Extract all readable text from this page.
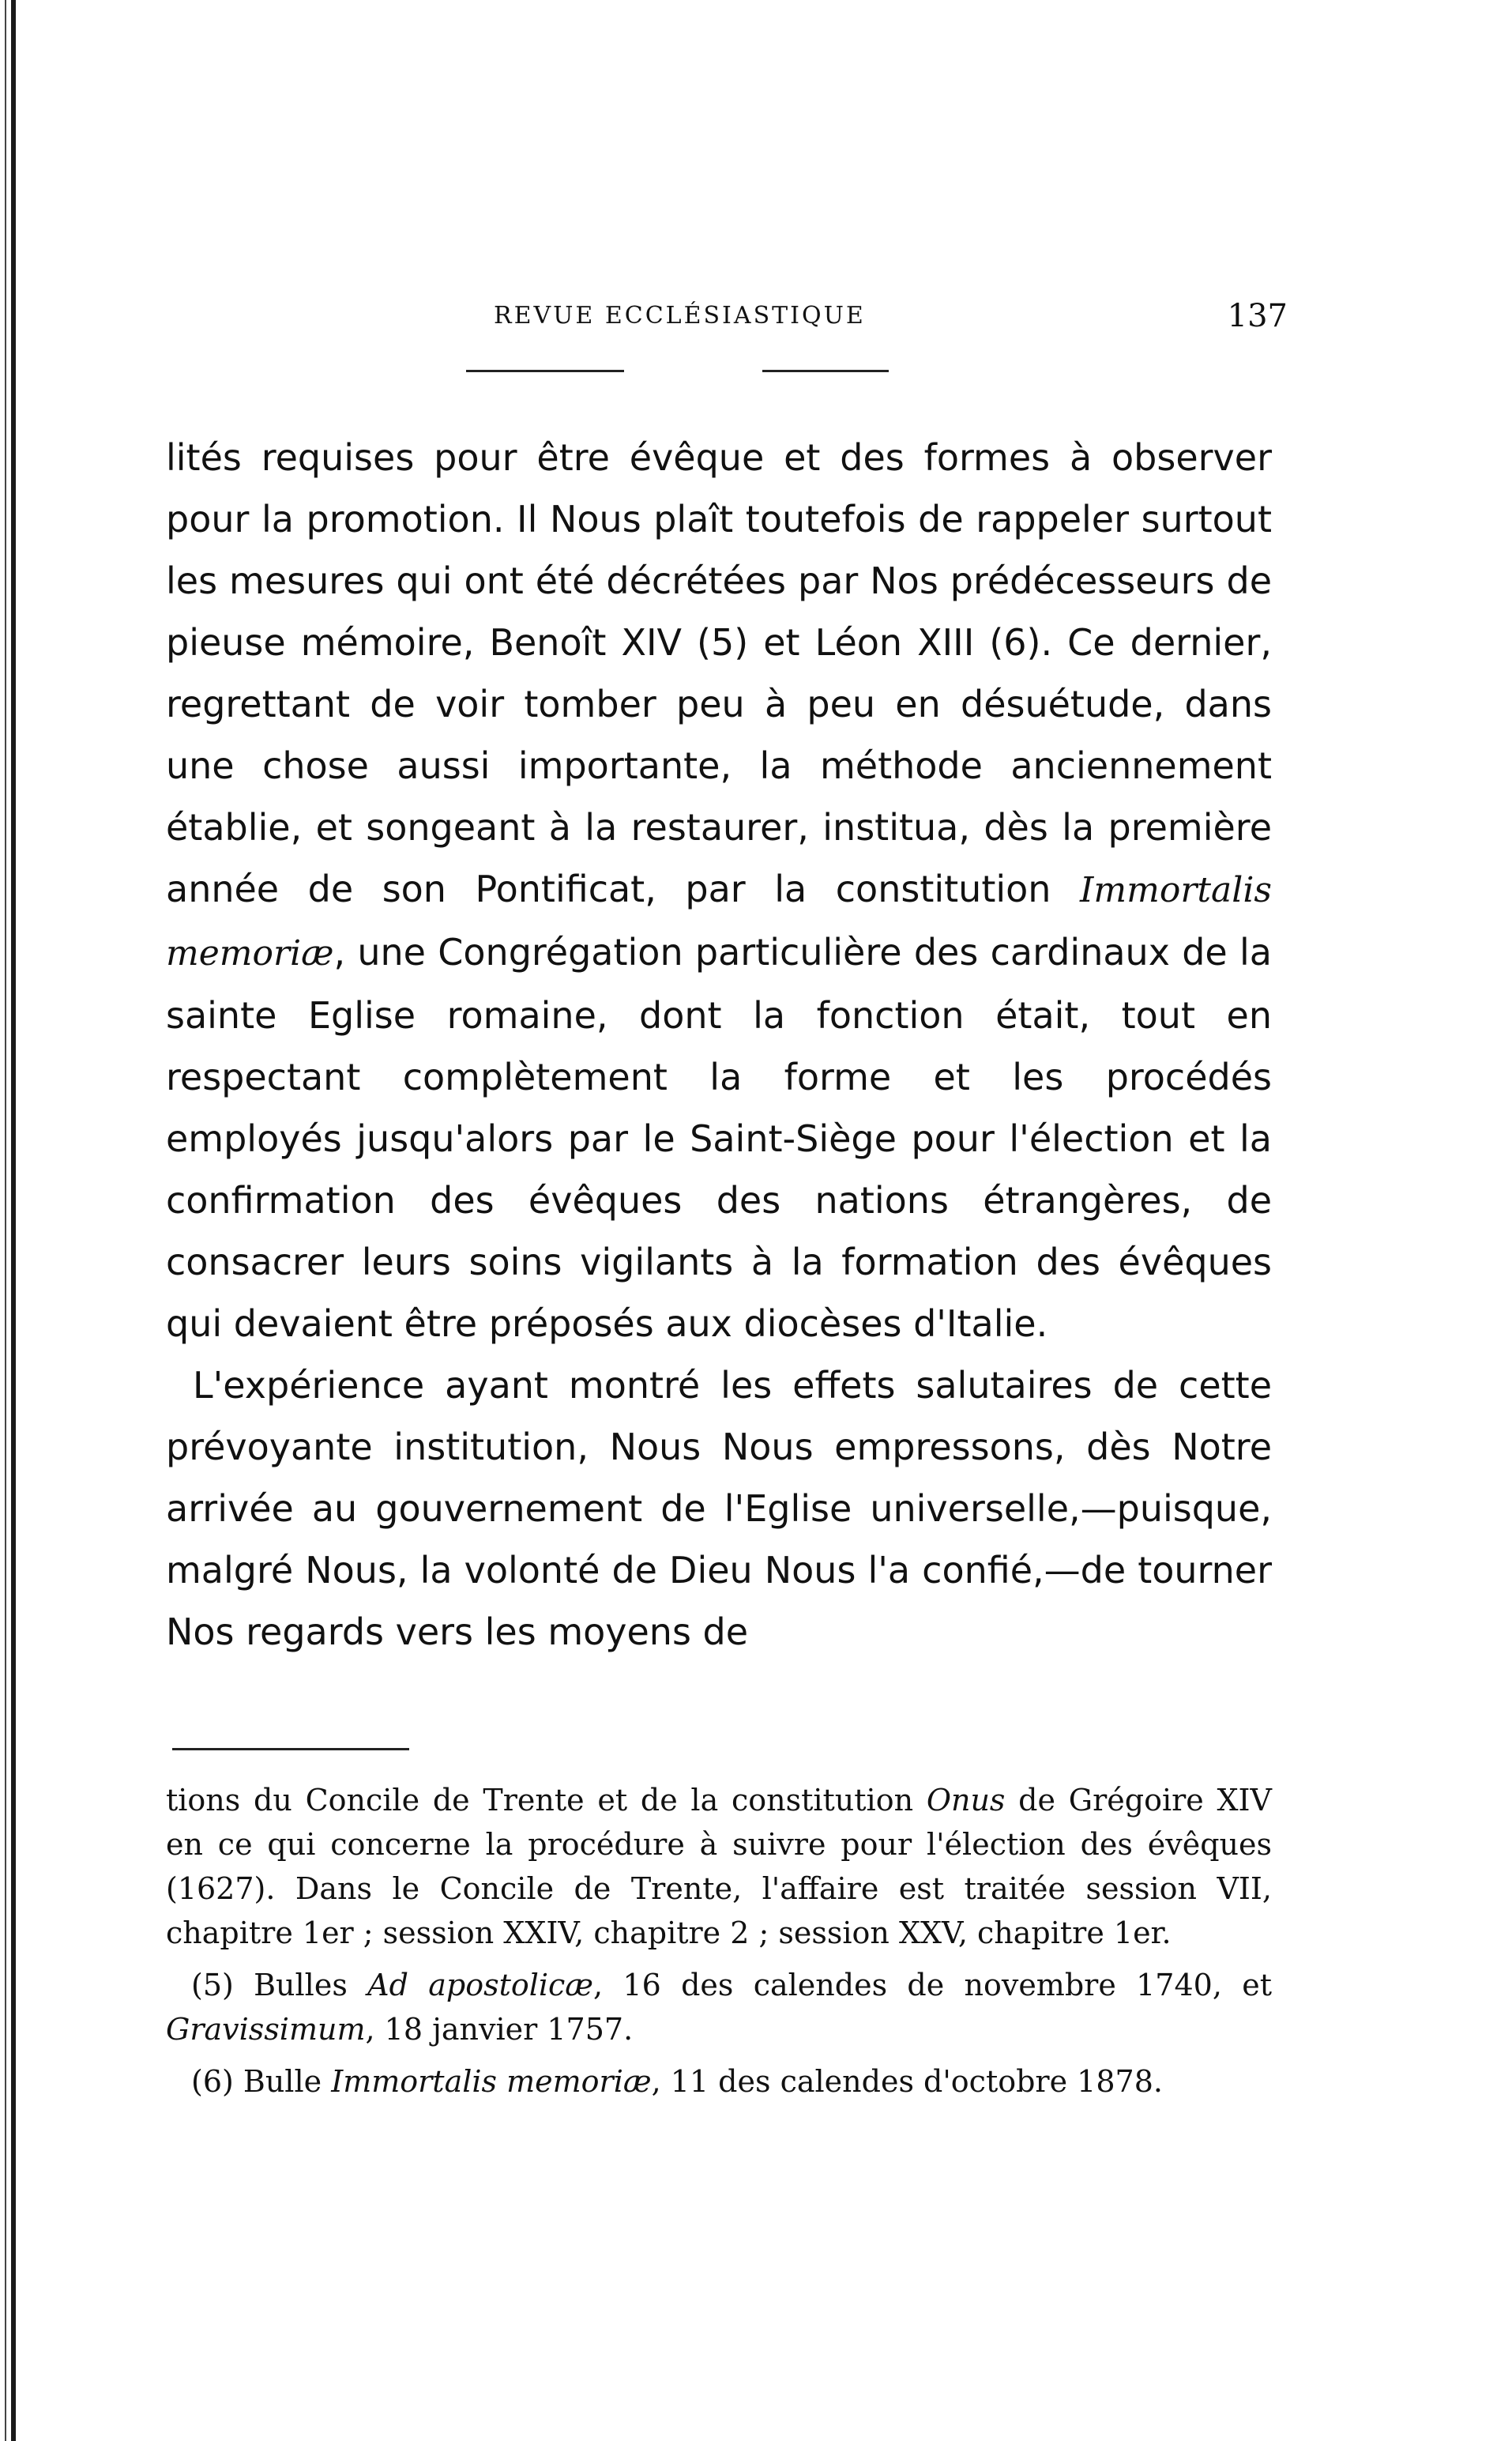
REVUE ECCLÉSIASTIQUE	137

lités requises pour être évêque et des formes à observer pour la promotion. Il Nous plaît toutefois de rappeler surtout les mesures qui ont été décrétées par Nos prédécesseurs de pieuse mémoire, Benoît XIV (5) et Léon XIII (6). Ce dernier, regrettant de voir tomber peu à peu en désuétude, dans une chose aussi importante, la méthode anciennement établie, et songeant à la restaurer, institua, dès la première année de son Pontificat, par la constitution Immortalis memoriæ, une Congrégation particulière des cardinaux de la sainte Eglise romaine, dont la fonction était, tout en respectant complètement la forme et les procédés employés jusqu'alors par le Saint-Siège pour l'élection et la confirmation des évêques des nations étrangères, de consacrer leurs soins vigilants à la formation des évêques qui devaient être préposés aux diocèses d'Italie.

L'expérience ayant montré les effets salutaires de cette prévoyante institution, Nous Nous empressons, dès Notre arrivée au gouvernement de l'Eglise universelle,—puisque, malgré Nous, la volonté de Dieu Nous l'a confié,—de tourner Nos regards vers les moyens de

tions du Concile de Trente et de la constitution Onus de Grégoire XIV en ce qui concerne la procédure à suivre pour l'élection des évêques (1627). Dans le Concile de Trente, l'affaire est traitée session VII, chapitre 1er ; session XXIV, chapitre 2 ; session XXV, chapitre 1er.

(5) Bulles Ad apostolicæ, 16 des calendes de novembre 1740, et Gravissimum, 18 janvier 1757.

(6) Bulle Immortalis memoriæ, 11 des calendes d'octobre 1878.
